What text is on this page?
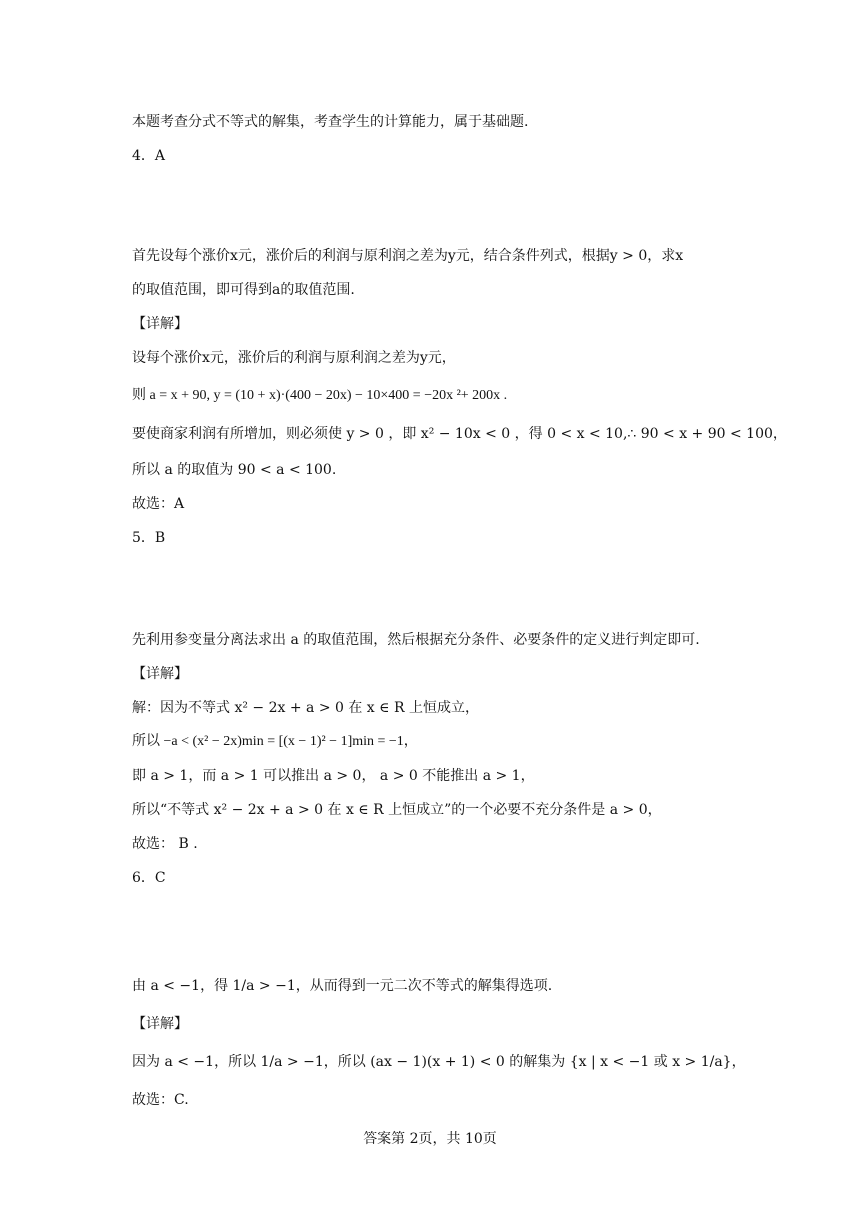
本题考查分式不等式的解集，考查学生的计算能力，属于基础题.
4．A
首先设每个涨价x元，涨价后的利润与原利润之差为y元，结合条件列式，根据y > 0，求x
的取值范围，即可得到a的取值范围.
【详解】
设每个涨价x元，涨价后的利润与原利润之差为y元，
则 a = x + 90, y = (10 + x)·(400 − 20x) − 10×400 = −20x ²+ 200x .
要使商家利润有所增加，则必须使 y > 0 ，即 x² − 10x < 0 ，得 0 < x < 10,∴ 90 < x + 90 < 100，
所以 a 的取值为 90 < a < 100.
故选：A
5．B
先利用参变量分离法求出 a 的取值范围，然后根据充分条件、必要条件的定义进行判定即可.
【详解】
解：因为不等式 x² − 2x + a > 0 在 x ∈ R 上恒成立，
所以 −a < (x² − 2x)min = [(x − 1)² − 1]min = −1，
即 a > 1，而 a > 1 可以推出 a > 0， a > 0 不能推出 a > 1，
所以“不等式 x² − 2x + a > 0 在 x ∈ R 上恒成立”的一个必要不充分条件是 a > 0，
故选： B .
6．C
由 a < −1，得 1/a > −1，从而得到一元二次不等式的解集得选项.
【详解】
因为 a < −1，所以 1/a > −1，所以 (ax − 1)(x + 1) < 0 的解集为 {x | x < −1 或 x > 1/a}，
故选：C.
答案第 2页，共 10页
